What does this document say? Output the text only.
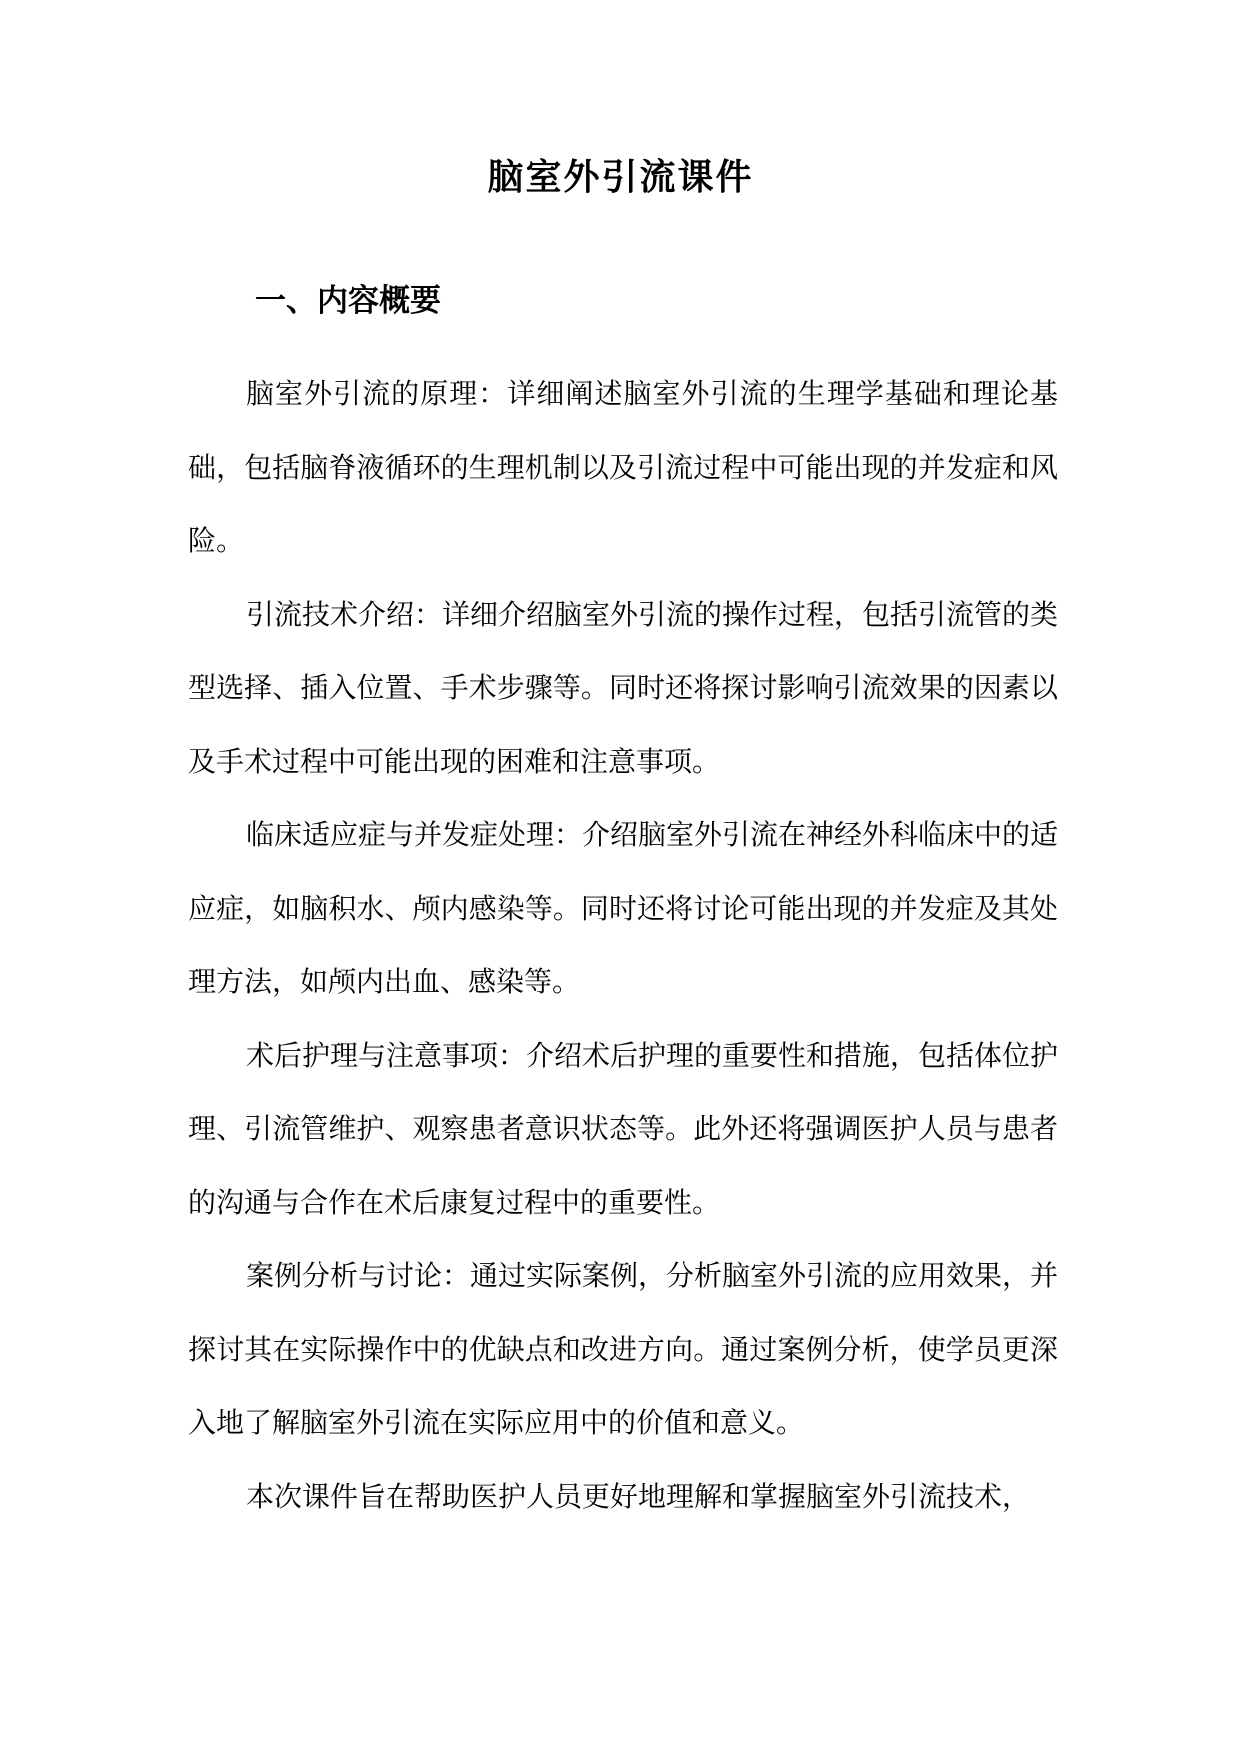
脑室外引流课件
一、内容概要

脑室外引流的原理：详细阐述脑室外引流的生理学基础和理论基础，包括脑脊液循环的生理机制以及引流过程中可能出现的并发症和风险。

引流技术介绍：详细介绍脑室外引流的操作过程，包括引流管的类型选择、插入位置、手术步骤等。同时还将探讨影响引流效果的因素以及手术过程中可能出现的困难和注意事项。

临床适应症与并发症处理：介绍脑室外引流在神经外科临床中的适应症，如脑积水、颅内感染等。同时还将讨论可能出现的并发症及其处理方法，如颅内出血、感染等。

术后护理与注意事项：介绍术后护理的重要性和措施，包括体位护理、引流管维护、观察患者意识状态等。此外还将强调医护人员与患者的沟通与合作在术后康复过程中的重要性。

案例分析与讨论：通过实际案例，分析脑室外引流的应用效果，并探讨其在实际操作中的优缺点和改进方向。通过案例分析，使学员更深入地了解脑室外引流在实际应用中的价值和意义。

本次课件旨在帮助医护人员更好地理解和掌握脑室外引流技术，
